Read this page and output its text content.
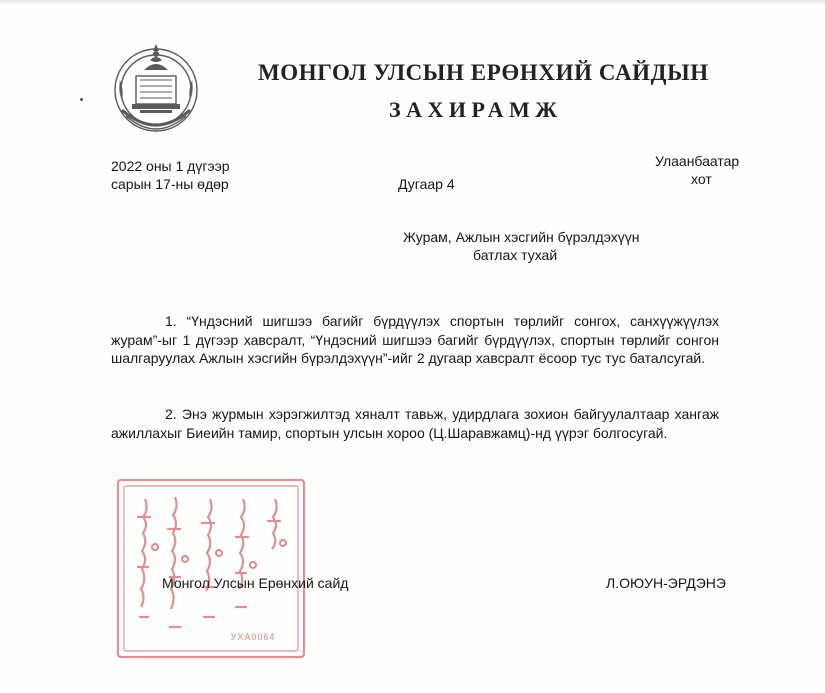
МОНГОЛ УЛСЫН ЕРӨНХИЙ САЙДЫН
ЗАХИРАМЖ
2022 оны 1 дүгээр
сарын 17-ны өдөр	Дугаар 4
Улаанбаатар
хот
Журам, Ажлын хэсгийн бүрэлдэхүүн
батлах тухай
1. “Үндэсний шигшээ багийг бүрдүүлэх спортын төрлийг сонгох, санхүүжүүлэх журам”-ыг 1 дүгээр хавсралт, “Үндэсний шигшээ багийг бүрдүүлэх, спортын төрлийг сонгон шалгаруулах Ажлын хэсгийн бүрэлдэхүүн”-ийг 2 дугаар хавсралт ёсоор тус тус баталсугай.
2. Энэ журмын хэрэгжилтэд хяналт тавьж, удирдлага зохион байгуулалтаар хангаж ажиллахыг Биеийн тамир, спортын улсын хороо (Ц.Шаравжамц)-нд үүрэг болгосугай.
УХА0064
Монгол Улсын Ерөнхий сайд	Л.ОЮУН-ЭРДЭНЭ
